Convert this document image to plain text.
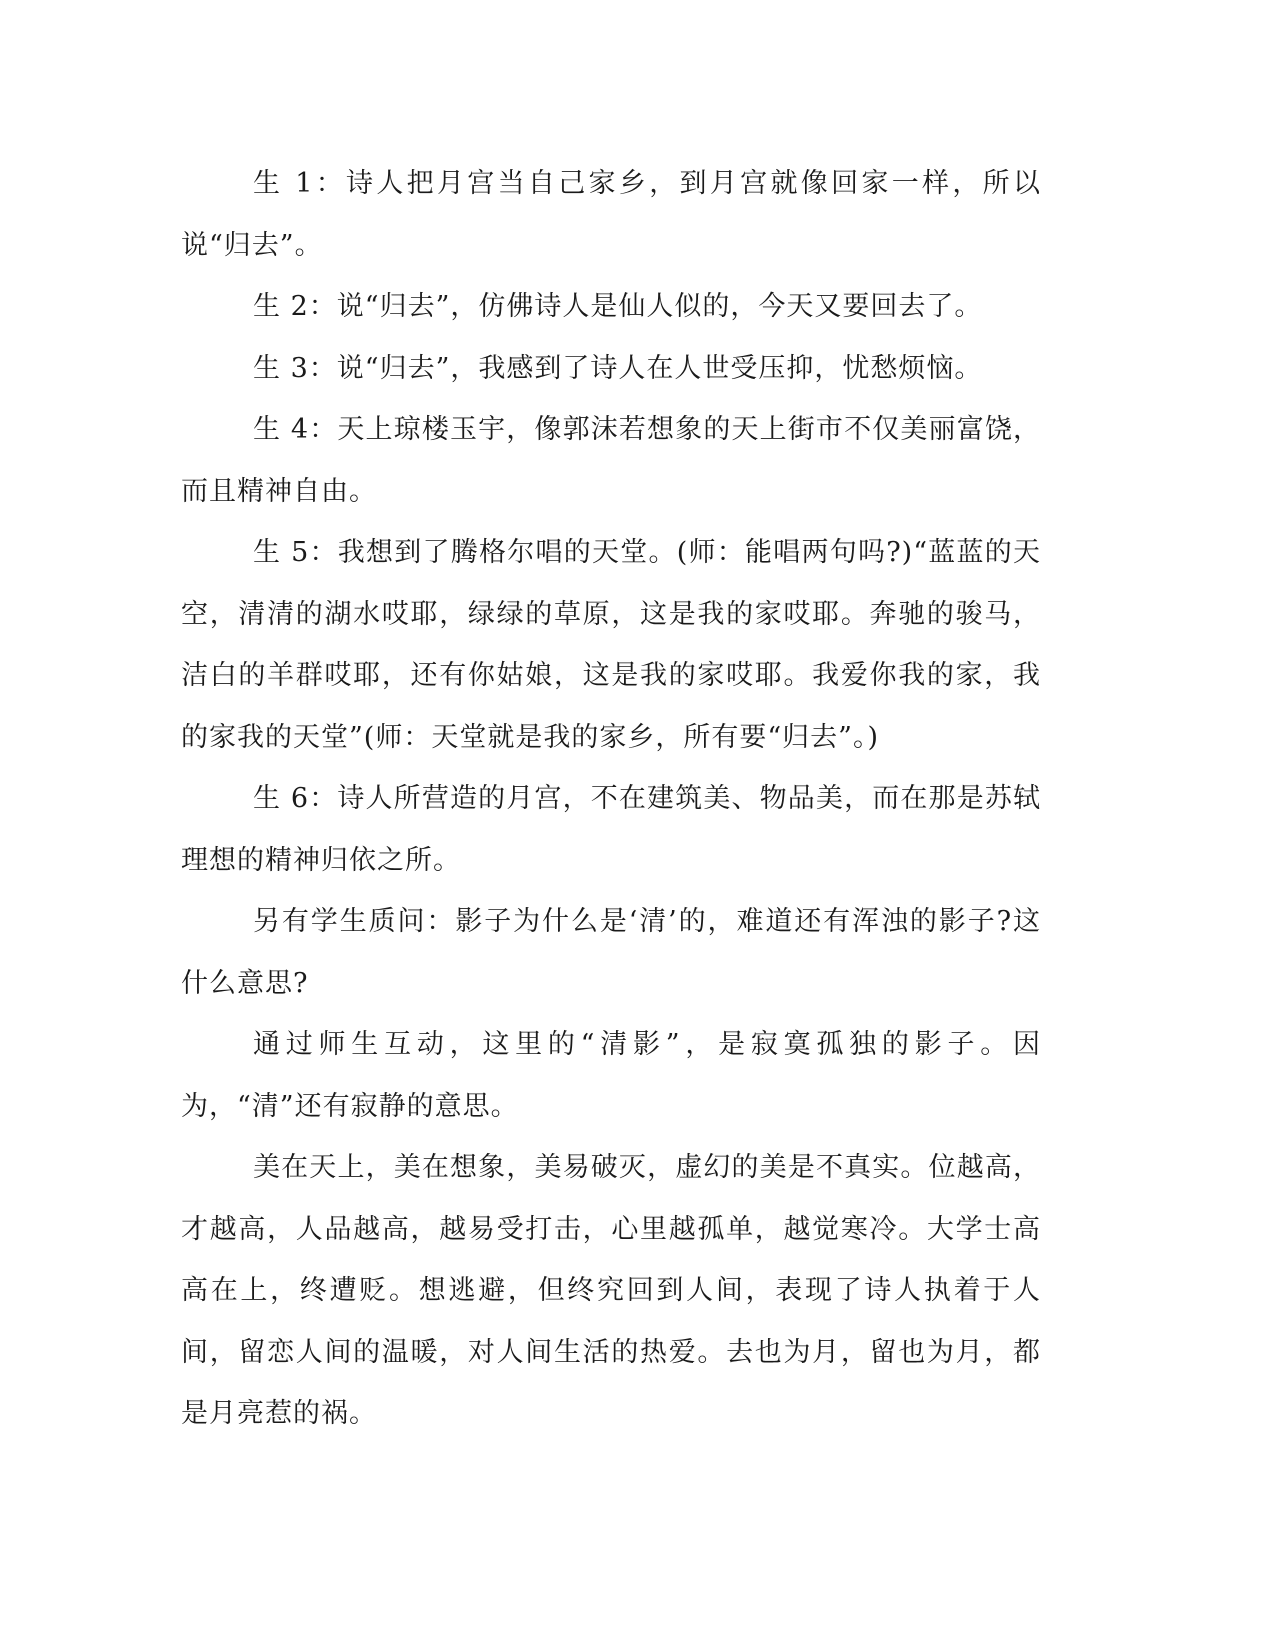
生 1：诗人把月宫当自己家乡，到月宫就像回家一样，所以说“归去”。

生 2：说“归去”，仿佛诗人是仙人似的，今天又要回去了。

生 3：说“归去”，我感到了诗人在人世受压抑，忧愁烦恼。

生 4：天上琼楼玉宇，像郭沫若想象的天上街市不仅美丽富饶，而且精神自由。

生 5：我想到了腾格尔唱的天堂。(师：能唱两句吗?)“蓝蓝的天空，清清的湖水哎耶，绿绿的草原，这是我的家哎耶。奔驰的骏马，洁白的羊群哎耶，还有你姑娘，这是我的家哎耶。我爱你我的家，我的家我的天堂”(师：天堂就是我的家乡，所有要“归去”。)

生 6：诗人所营造的月宫，不在建筑美、物品美，而在那是苏轼理想的精神归依之所。

另有学生质问：影子为什么是‘清’的，难道还有浑浊的影子?这什么意思?

通过师生互动，这里的“清影”，是寂寞孤独的影子。因为，“清”还有寂静的意思。

美在天上，美在想象，美易破灭，虚幻的美是不真实。位越高，才越高，人品越高，越易受打击，心里越孤单，越觉寒冷。大学士高高在上，终遭贬。想逃避，但终究回到人间，表现了诗人执着于人间，留恋人间的温暖，对人间生活的热爱。去也为月，留也为月，都是月亮惹的祸。
